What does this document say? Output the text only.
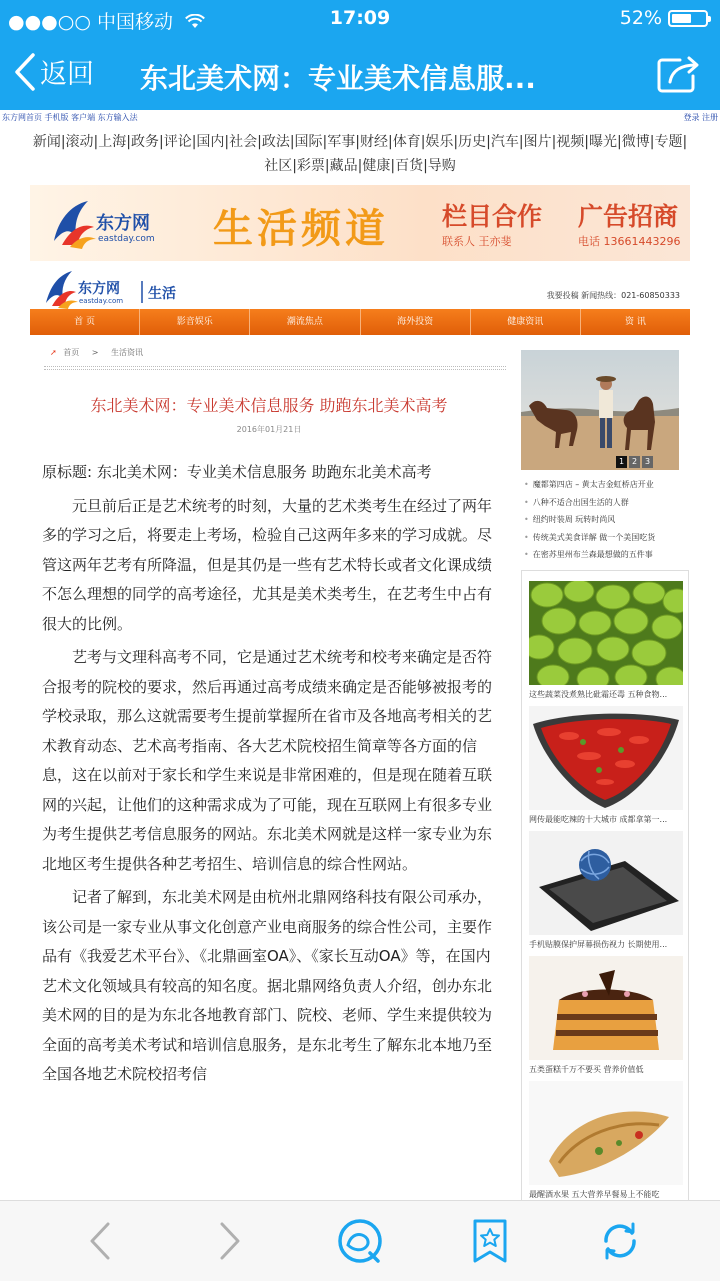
●●●○○ 中国移动	17:09	52%
返回 东北美术网：专业美术信息服...
东方网首页 手机版 客户端 东方输入法	登录 注册
新闻|滚动|上海|政务|评论|国内|社会|政法|国际|军事|财经|体育|娱乐|历史|汽车|图片|视频|曝光|微博|专题|社区|彩票|藏品|健康|百货|导购
东方网
eastday.com 生活频道 栏目合作 广告招商
联系人 王亦斐	电话 13661443296
东方网
eastday.com 生活	我要投稿 新闻热线：021-60850333
首 页	影音娱乐	潮流焦点	海外投资	健康资讯	资 讯
➚ 首页 > 生活资讯
东北美术网：专业美术信息服务 助跑东北美术高考
2016年01月21日

原标题: 东北美术网：专业美术信息服务 助跑东北美术高考

元旦前后正是艺术统考的时刻，大量的艺术类考生在经过了两年多的学习之后，将要走上考场，检验自己这两年多来的学习成就。尽管这两年艺考有所降温，但是其仍是一些有艺术特长或者文化课成绩不怎么理想的同学的高考途径，尤其是美术类考生，在艺考生中占有很大的比例。

艺考与文理科高考不同，它是通过艺术统考和校考来确定是否符合报考的院校的要求，然后再通过高考成绩来确定是否能够被报考的学校录取，那么这就需要考生提前掌握所在省市及各地高考相关的艺术教育动态、艺术高考指南、各大艺术院校招生简章等各方面的信息，这在以前对于家长和学生来说是非常困难的，但是现在随着互联网的兴起，让他们的这种需求成为了可能，现在互联网上有很多专业为考生提供艺考信息服务的网站。东北美术网就是这样一家专业为东北地区考生提供各种艺考招生、培训信息的综合性网站。

记者了解到，东北美术网是由杭州北鼎网络科技有限公司承办，该公司是一家专业从事文化创意产业电商服务的综合性公司，主要作品有《我爱艺术平台》、《北鼎画室OA》、《家长互动OA》等，在国内艺术文化领域具有较高的知名度。据北鼎网络负责人介绍，创办东北美术网的目的是为东北各地教育部门、院校、老师、学生来提供较为全面的高考美术考试和培训信息服务，是东北考生了解东北本地乃至全国各地艺术院校招考信

1 2 3
• 魔都第四店 – 黄太吉金虹桥店开业
• 八种不适合出国生活的人群
• 纽约时装周 玩转时尚风
• 传统美式美食详解 做一个美国吃货
• 在密苏里州布兰森最想做的五件事
这些蔬菜没煮熟比砒霜还毒 五种食物...
网传最能吃辣的十大城市 成都拿第一...
手机贴膜保护屏幕损伤视力 长期使用...
五类蛋糕千万不要买 营养价值低
最醒酒水果 五大营养早餐易上不能吃
